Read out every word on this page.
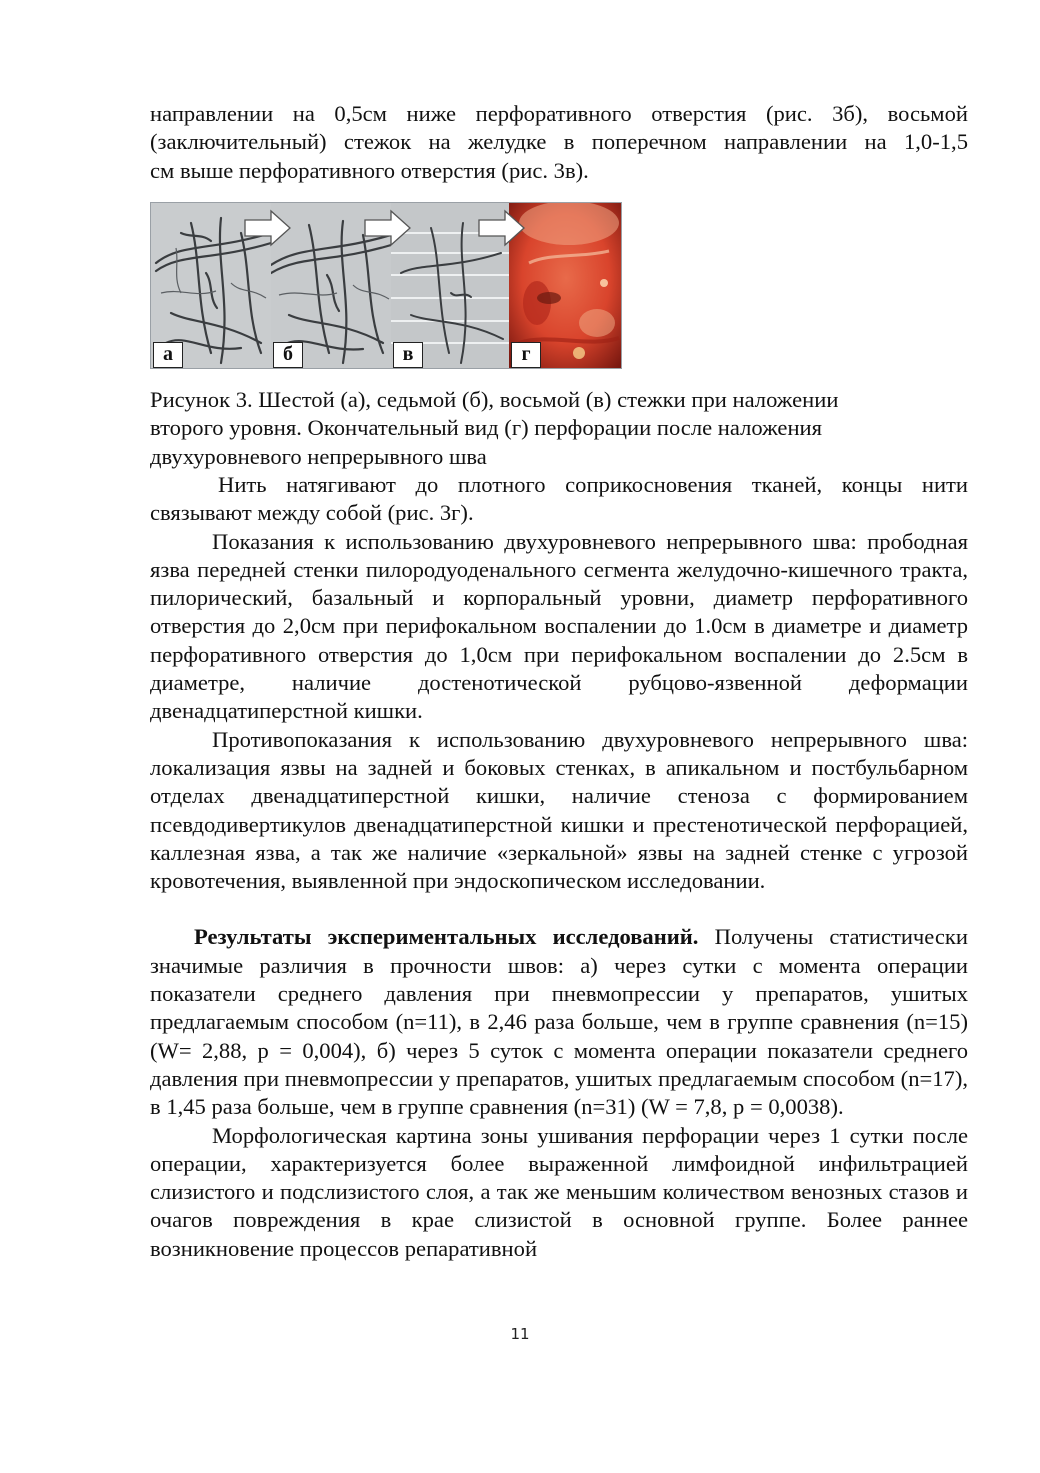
направлении на 0,5см ниже перфоративного отверстия (рис. 3б), восьмой

(заключительный) стежок на желудке в поперечном направлении на 1,0-1,5

см выше перфоративного отверстия (рис. 3в).

а	б	в	г
Рисунок 3. Шестой (а), седьмой (б), восьмой (в) стежки при наложении
второго уровня. Окончательный вид (г) перфорации после наложения
двухуровневого непрерывного шва

Нить натягивают до плотного соприкосновения тканей, концы нити связывают между собой (рис. 3г).

Показания к использованию двухуровневого непрерывного шва: прободная язва передней стенки пилородуоденального сегмента желудочно-кишечного тракта, пилорический, базальный и корпоральный уровни, диаметр перфоративного отверстия до 2,0см при перифокальном воспалении до 1.0см в диаметре и диаметр перфоративного отверстия до 1,0см при перифокальном воспалении до 2.5см в диаметре, наличие достенотической рубцово-язвенной деформации двенадцатиперстной кишки.

Противопоказания к использованию двухуровневого непрерывного шва: локализация язвы на задней и боковых стенках, в апикальном и постбульбарном отделах двенадцатиперстной кишки, наличие стеноза с формированием псевдодивертикулов двенадцатиперстной кишки и престенотической перфорацией, каллезная язва, а так же наличие «зеркальной» язвы на задней стенке с угрозой кровотечения, выявленной при эндоскопическом исследовании.

Результаты экспериментальных исследований. Получены статистически значимые различия в прочности швов: а) через сутки с момента операции показатели среднего давления при пневмопрессии у препаратов, ушитых предлагаемым способом (n=11), в 2,46 раза больше, чем в группе сравнения (n=15) (W= 2,88, p = 0,004), б) через 5 суток с момента операции показатели среднего давления при пневмопрессии у препаратов, ушитых предлагаемым способом (n=17), в 1,45 раза больше, чем в группе сравнения (n=31) (W = 7,8, p = 0,0038).

Морфологическая картина зоны ушивания перфорации через 1 сутки после операции, характеризуется более выраженной лимфоидной инфильтрацией слизистого и подслизистого слоя, а так же меньшим количеством венозных стазов и очагов повреждения в крае слизистой в основной группе. Более раннее возникновение процессов репаративной

11
